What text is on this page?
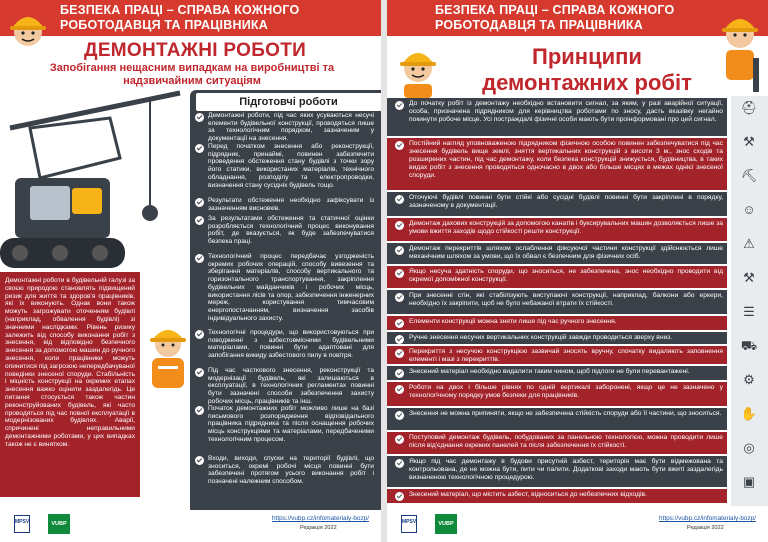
БЕЗПЕКА ПРАЦІ – СПРАВА КОЖНОГО РОБОТОДАВЦЯ ТА ПРАЦІВНИКА
ДЕМОНТАЖНІ РОБОТИ
Запобігання нещасним випадкам на виробництві та надзвичайним ситуаціям
Підготовчі роботи
Демонтажні роботи в будівельній галузі за своєю природою становлять підвищений ризик для життя та здоров'я працівників, які їх виконують. Однак вони також можуть загрожувати оточенням будівлі (наприклад, обвалення будівлі) зі значними наслідками. Рівень ризику залежить від способу виконання робіт з знесення, від відповідно безпечного знесення за допомогою машин до ручного знесення, коли працівники можуть опинитися під загрозою непередбачуваної поведінки знесеної споруди. Стабільність і міцність конструкції на окремих етапах знесення важко оцінити заздалегідь. Це питання стосується також частин реконструйованих будівель, які часто проводяться під час повної експлуатації в модернізованих будівлях. Аварії, спричинені неправильними демонтажними роботами, у цих випадках також не є винятком.
MPSV	VUBP
https://vubp.cz/infomaterialy-bozp/
Редакція 2022
Демонтажні роботи, під час яких усуваються несучі елементи будівельної конструкції, проводяться лише за технологічним порядком, зазначеним у документації на знесення.
Перед початком знесення або реконструкції, підрядник, принаймі, повинен забезпечити проведення обстеження стану будівлі з точки зору його статики, використаних матеріалів, технічного обладнання, розподілу та електропроводки, визначення стану сусідніх будівель тощо.
Результати обстеження необхідно зафіксувати із зазначенням висновків.
За результатами обстеження та статичної оцінки розробляється технологічний процес виконування робіт, де вказується, як буде забезпечуватися безпека праці.
Технологічний процес передбачає узгодженість окремих робочих операцій, способу вивезення та зберігання матеріалів, способу вертикального та горизонтального транспортування, закріплення будівельних майданчиків і робочих місць, використання лісів та опор, забезпечення інженерних мереж, користування тимчасовим енергопостачанням, визначення засобів індивідуального захисту.
Технологічні процедури, що використовуються при поводженні з азбестовмісними будівельними матеріалами, повинні бути адаптовані для запобігання викиду азбестового пилу в повітря.
Під час часткового знесення, реконструкції та модернізації будівель, які залишаються в експлуатації, в технологічних регламентах повинні бути зазначені способи забезпечення захисту робочих місць, працівників та інш.
Початок демонтажних робіт можливо лише на базі письмового розпорядження відповідального працівника підрядника та після оснащення робочих місць конструкціями та матеріалами, передбаченими технологічним процесом.
Входи, виходи, спуски на території будівлі, що зноситься, окремі робочі місця повинні бути забезпечені протягом усього виконання робіт і позначені належним способом.
БЕЗПЕКА ПРАЦІ – СПРАВА КОЖНОГО РОБОТОДАВЦЯ ТА ПРАЦІВНИКА
Принципи
демонтажних робіт
⛑
⚒
⛏
☺
⚠
⚒
☰
⛟
⚙
✋
◎
▣
MPSV	VUBP
https://vubp.cz/infomaterialy-bozp/
Редакція 2022
До початку робіт із демонтажу необхідно встановити сигнал, за яким, у разі аварійної ситуації, особа, призначена підрядником для керівництва роботами по зносу, дасть вказівку негайно покинути робоче місце. Усі постраждалі фізичні особи мають бути проінформовані про цей сигнал.
Постійний нагляд уповноваженою підрядником фізичною особою повинен забезпечуватися під час знесення будівель вище землі, зняття вертикальних конструкцій з висоти 3 м., знос сходів та розширених частин, під час демонтажу, коли безпека конструкцій знижується, будівництва, в таких видах робіт з знесення проводяться одночасно в двох або більше місцях в межах однієї знесеної споруди.
Оточуючі будівлі повинні бути стійкі або сусідні будівлі повинні бути закріплені в порядку, зазначеному в документації.
Демонтаж дахових конструкцій за допомогою канатів і буксирувальних машин дозволяється лише за умови вжиття заходів щодо стійкості решти конструкції.
Демонтаж перекриттів шляхом ослаблення фіксуючої частини конструкції здійснюється лише механічним шляхом за умови, що їх обвал є безпечним для фізичних осіб.
Якщо несуча здатність споруди, що зноситься, не забезпечена, знос необхідно проводити від окремої допоміжної конструкції.
При знесенні стін, які стабілізують виступаючі конструкції, наприклад, балкони або еркери, необхідно їх закріпити, щоб не було небажаної втрати їх стійкості.
Елементи конструкції можна зняти лише під час ручного знесення.
Ручне знесення несучих вертикальних конструкцій завжди проводиться зверху вниз.
Перекриття з несучою конструкцією зазвичай зносять вручну, спочатку видаляють заповнення елементі і мазі з перекриттів.
Знесений матеріал необхідно видалити таким чином, щоб підлоги не були перевантажені.
Роботи на двох і більше рівнях по одній вертикалі заборонені, якщо це не зазначено у технологічному порядку умов безпеки для працівників.
Знесення не можна припиняти, якщо не забезпечена стійкість споруди або її частини, що зноситься.
Поступовий демонтаж будівель, побудованих за панельною технологією, можна проводити лише після від'єднання окремих панелей та після забезпечення їх стійкості.
Якщо під час демонтажу в будови присутній азбест, територія має бути відмежована та контрольована, де не можна бути, пити чи палити. Додаткові заходи мають бути вжиті заздалегідь визначеною технологічною процедурою.
Знесений матеріал, що містить азбест, відноситься до небезпечних відходів.
